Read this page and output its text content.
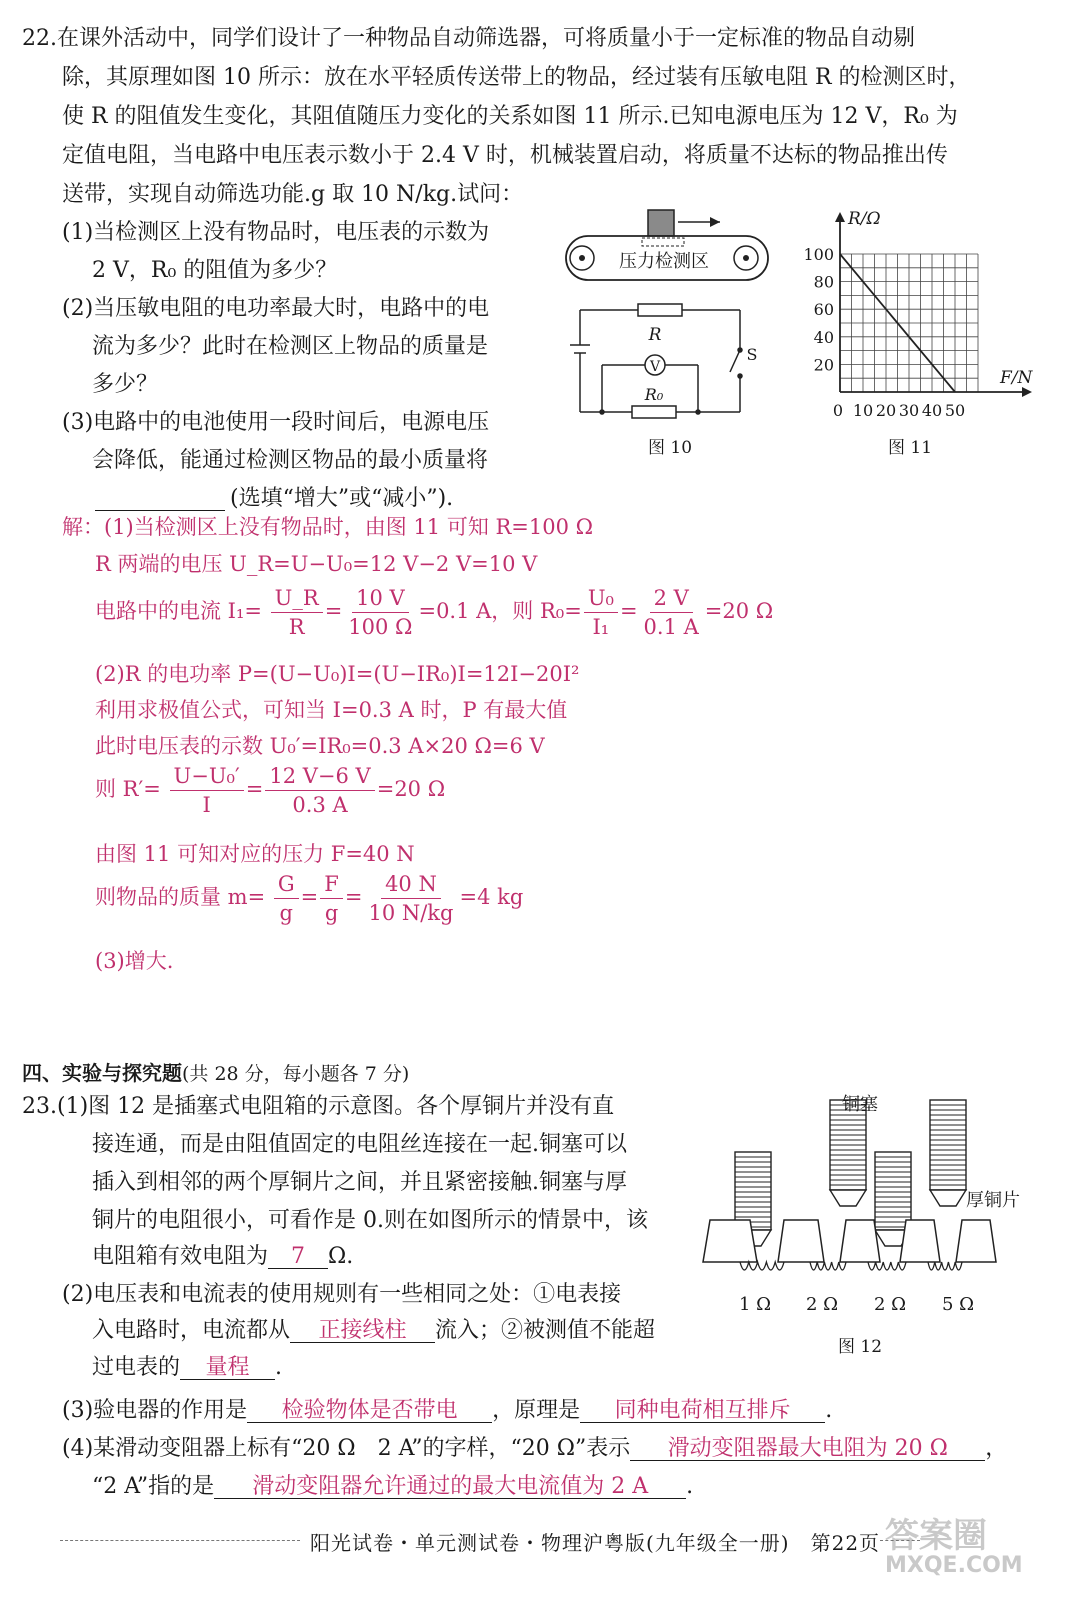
22.在课外活动中，同学们设计了一种物品自动筛选器，可将质量小于一定标准的物品自动剔
除，其原理如图 10 所示：放在水平轻质传送带上的物品，经过装有压敏电阻 R 的检测区时，
使 R 的阻值发生变化，其阻值随压力变化的关系如图 11 所示.已知电源电压为 12 V，R₀ 为
定值电阻，当电路中电压表示数小于 2.4 V 时，机械装置启动，将质量不达标的物品推出传
送带，实现自动筛选功能.g 取 10 N/kg.试问：
(1)当检测区上没有物品时，电压表的示数为
2 V，R₀ 的阻值为多少？
(2)当压敏电阻的电功率最大时，电路中的电
流为多少？此时在检测区上物品的质量是
多少？
(3)电路中的电池使用一段时间后，电源电压
会降低，能通过检测区物品的最小质量将
(选填“增大”或“减小”).
压力检测区
R
V
R₀
S
图 10
R/Ω
F/N
100
80
60
40
20
0 10 20 30 40 50
图 11
解：(1)当检测区上没有物品时，由图 11 可知 R=100 Ω
R 两端的电压 U_R=U−U₀=12 V−2 V=10 V
电路中的电流 $I_1= \frac{U\_R}{R} = \frac{10 V}{100 \Omega} =0.1$ A，则 $R_0= \frac{\text{U₀}}{\text{I₁}} = \frac{2 V}{0.1 A} =20$ Ω
(2)R 的电功率 P=(U−U₀)I=(U−IR₀)I=12I−20I²
利用求极值公式，可知当 I=0.3 A 时，P 有最大值
此时电压表的示数 U₀′=IR₀=0.3 A×20 Ω=6 V
则 $R'= \frac{\text{U−U₀′}}{I} = \frac{12 V-6 V}{0.3 A} =20$ Ω
由图 11 可知对应的压力 F=40 N
则物品的质量 $m= \frac{G}{g} = \frac{F}{g} = \frac{40 N}{10 N/kg} =4$ kg
(3)增大.
四、实验与探究题(共 28 分，每小题各 7 分)
23.(1)图 12 是插塞式电阻箱的示意图。各个厚铜片并没有直
接连通，而是由阻值固定的电阻丝连接在一起.铜塞可以
插入到相邻的两个厚铜片之间，并且紧密接触.铜塞与厚
铜片的电阻很小，可看作是 0.则在如图所示的情景中，该
电阻箱有效电阻为 7 Ω.
(2)电压表和电流表的使用规则有一些相同之处：①电表接
入电路时，电流都从 正接线柱 流入；②被测值不能超
过电表的 量程 .
(3)验电器的作用是 检验物体是否带电 ，原理是 同种电荷相互排斥 .
(4)某滑动变阻器上标有“20 Ω　2 A”的字样，“20 Ω”表示 滑动变阻器最大电阻为 20 Ω ，
“2 A”指的是 滑动变阻器允许通过的最大电流值为 2 A .
铜塞
厚铜片
1 Ω 2 Ω 2 Ω 5 Ω
图 12
阳光试卷・单元测试卷・物理沪粤版(九年级全一册)　第22页 答案圈
MXQE.COM
